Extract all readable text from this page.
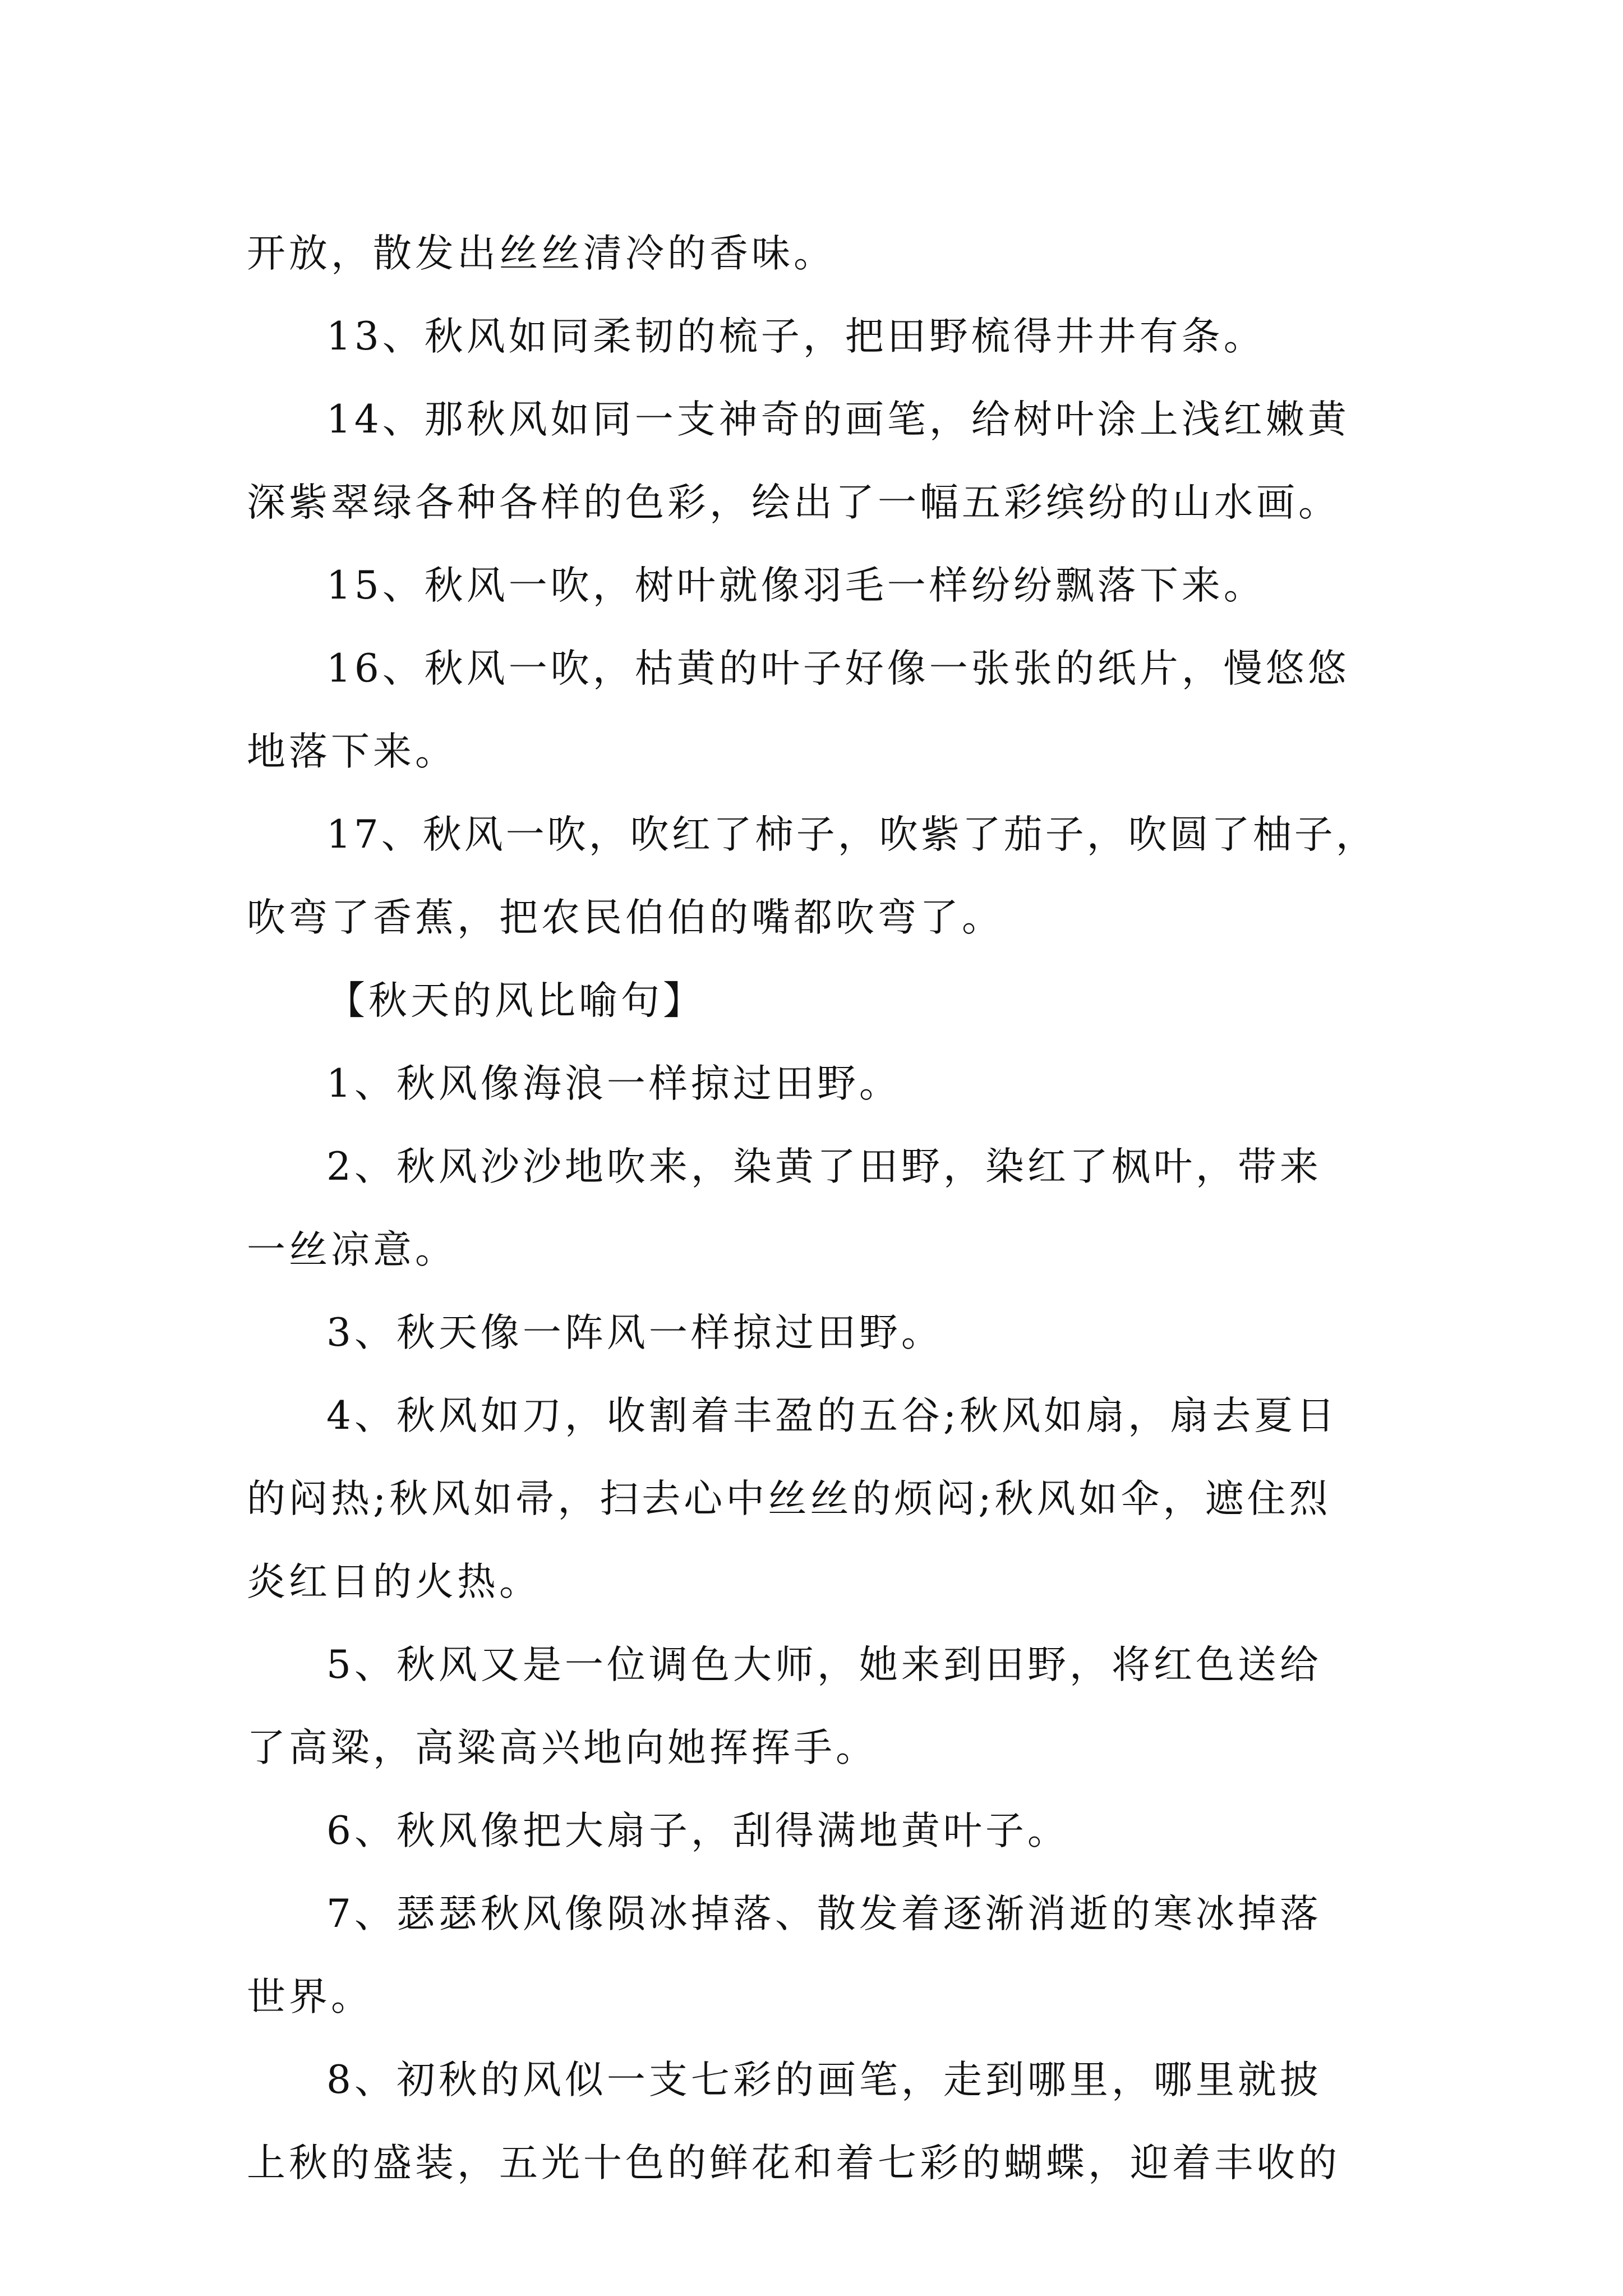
开放，散发出丝丝清冷的香味。
13、秋风如同柔韧的梳子，把田野梳得井井有条。
14、那秋风如同一支神奇的画笔，给树叶涂上浅红嫩黄
深紫翠绿各种各样的色彩，绘出了一幅五彩缤纷的山水画。
15、秋风一吹，树叶就像羽毛一样纷纷飘落下来。
16、秋风一吹，枯黄的叶子好像一张张的纸片，慢悠悠
地落下来。
17、秋风一吹，吹红了柿子，吹紫了茄子，吹圆了柚子，
吹弯了香蕉，把农民伯伯的嘴都吹弯了。
【秋天的风比喻句】
1、秋风像海浪一样掠过田野。
2、秋风沙沙地吹来，染黄了田野，染红了枫叶，带来
一丝凉意。
3、秋天像一阵风一样掠过田野。
4、秋风如刀，收割着丰盈的五谷;秋风如扇，扇去夏日
的闷热;秋风如帚，扫去心中丝丝的烦闷;秋风如伞，遮住烈
炎红日的火热。
5、秋风又是一位调色大师，她来到田野，将红色送给
了高粱，高粱高兴地向她挥挥手。
6、秋风像把大扇子，刮得满地黄叶子。
7、瑟瑟秋风像陨冰掉落、散发着逐渐消逝的寒冰掉落
世界。
8、初秋的风似一支七彩的画笔，走到哪里，哪里就披
上秋的盛装，五光十色的鲜花和着七彩的蝴蝶，迎着丰收的
